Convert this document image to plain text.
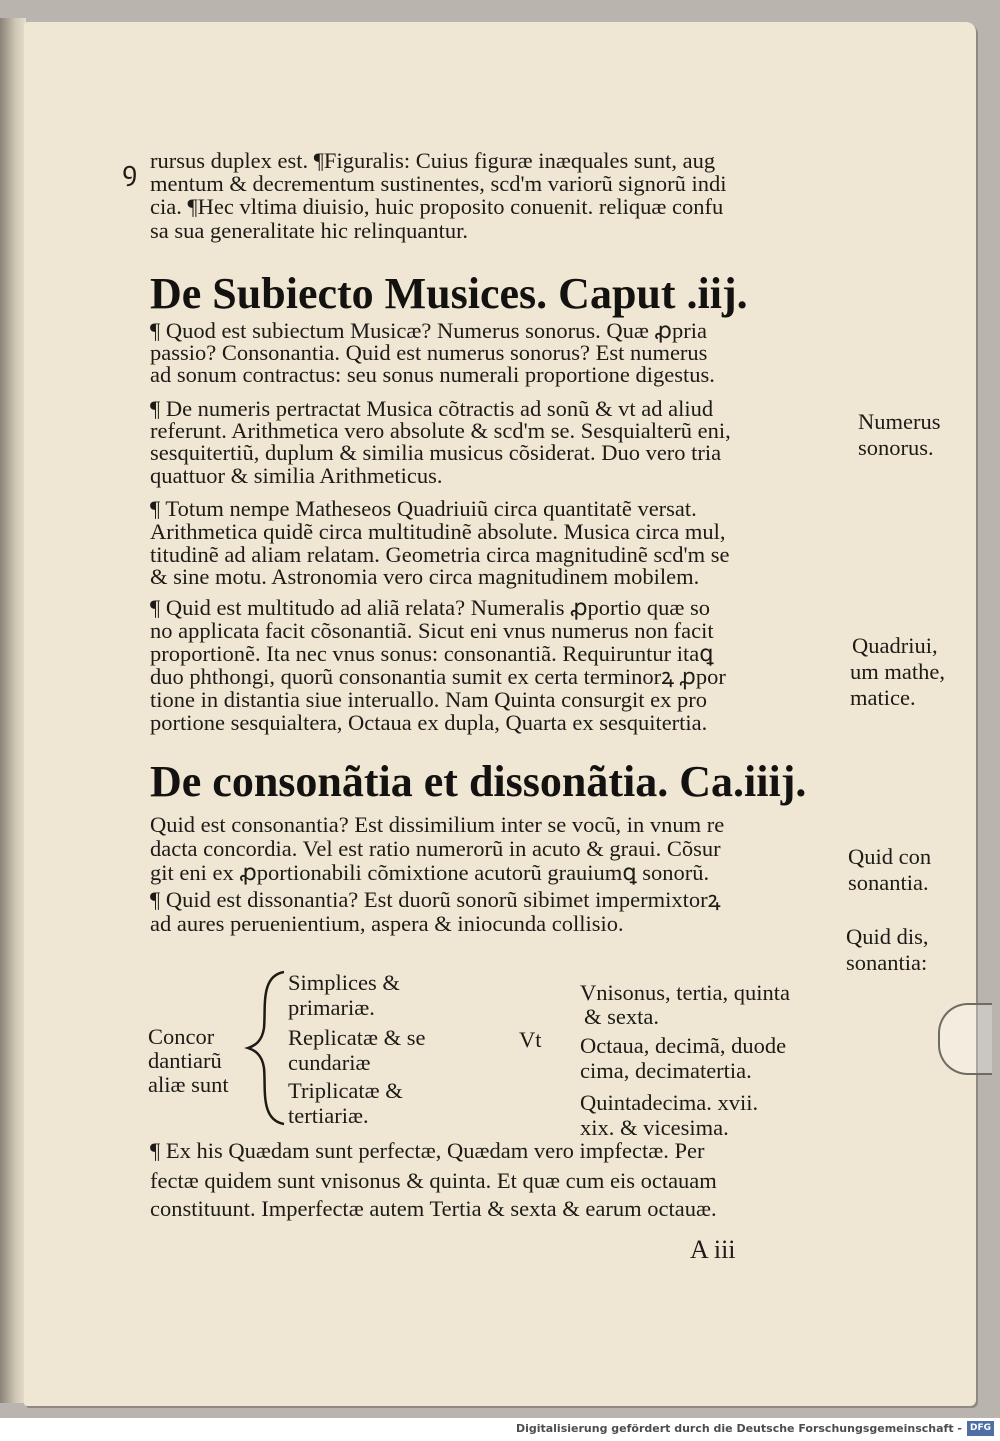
ꝯ rursus duplex est. ¶Figuralis: Cuius figuræ inæquales sunt, aug
mentum & decrementum sustinentes, scd'm variorũ signorũ indi
cia. ¶Hec vltima diuisio, huic proposito conuenit. reliquæ confu
sa sua generalitate hic relinquantur.
De Subiecto Musices. Caput .iij.
¶ Quod est subiectum Musicæ? Numerus sonorus. Quæ ꝓpria
passio? Consonantia. Quid est numerus sonorus? Est numerus
ad sonum contractus: seu sonus numerali proportione digestus.
¶ De numeris pertractat Musica cõtractis ad sonũ & vt ad aliud
referunt. Arithmetica vero absolute & scd'm se. Sesquialterũ eni,
sesquitertiũ, duplum & similia musicus cõsiderat. Duo vero tria
quattuor & similia Arithmeticus.
¶ Totum nempe Matheseos Quadriuiũ circa quantitatẽ versat.
Arithmetica quidẽ circa multitudinẽ absolute. Musica circa mul,
titudinẽ ad aliam relatam. Geometria circa magnitudinẽ scd'm se
& sine motu. Astronomia vero circa magnitudinem mobilem.
¶ Quid est multitudo ad aliã relata? Numeralis ꝓportio quæ so
no applicata facit cõsonantiã. Sicut eni vnus numerus non facit
proportionẽ. Ita nec vnus sonus: consonantiã. Requiruntur itaꝗ
duo phthongi, quorũ consonantia sumit ex certa terminorꝝ ꝓpor
tione in distantia siue interuallo. Nam Quinta consurgit ex pro
portione sesquialtera, Octaua ex dupla, Quarta ex sesquitertia.
De consonãtia et dissonãtia. Ca.iiij.
Quid est consonantia? Est dissimilium inter se vocũ, in vnum re
dacta concordia. Vel est ratio numerorũ in acuto & graui. Cõsur
git eni ex ꝓportionabili cõmixtione acutorũ grauiumꝗ sonorũ.
¶ Quid est dissonantia? Est duorũ sonorũ sibimet impermixtorꝝ
ad aures peruenientium, aspera & iniocunda collisio.
Concor
dantiarũ
aliæ sunt
Simplices &
primariæ.
Replicatæ & se
cundariæ
Triplicatæ &
tertiariæ.
Vt
Vnisonus, tertia, quinta
& sexta.
Octaua, decimã, duode
cima, decimatertia.
Quintadecima. xvii.
xix. & vicesima.
¶ Ex his Quædam sunt perfectæ, Quædam vero impfectæ. Per
fectæ quidem sunt vnisonus & quinta. Et quæ cum eis octauam
constituunt. Imperfectæ autem Tertia & sexta & earum octauæ.
A iii
Numerus
sonorus.
Quadriui,
um mathe,
matice.
Quid con
sonantia.
Quid dis,
sonantia:
Digitalisierung gefördert durch die Deutsche Forschungsgemeinschaft - DFG
